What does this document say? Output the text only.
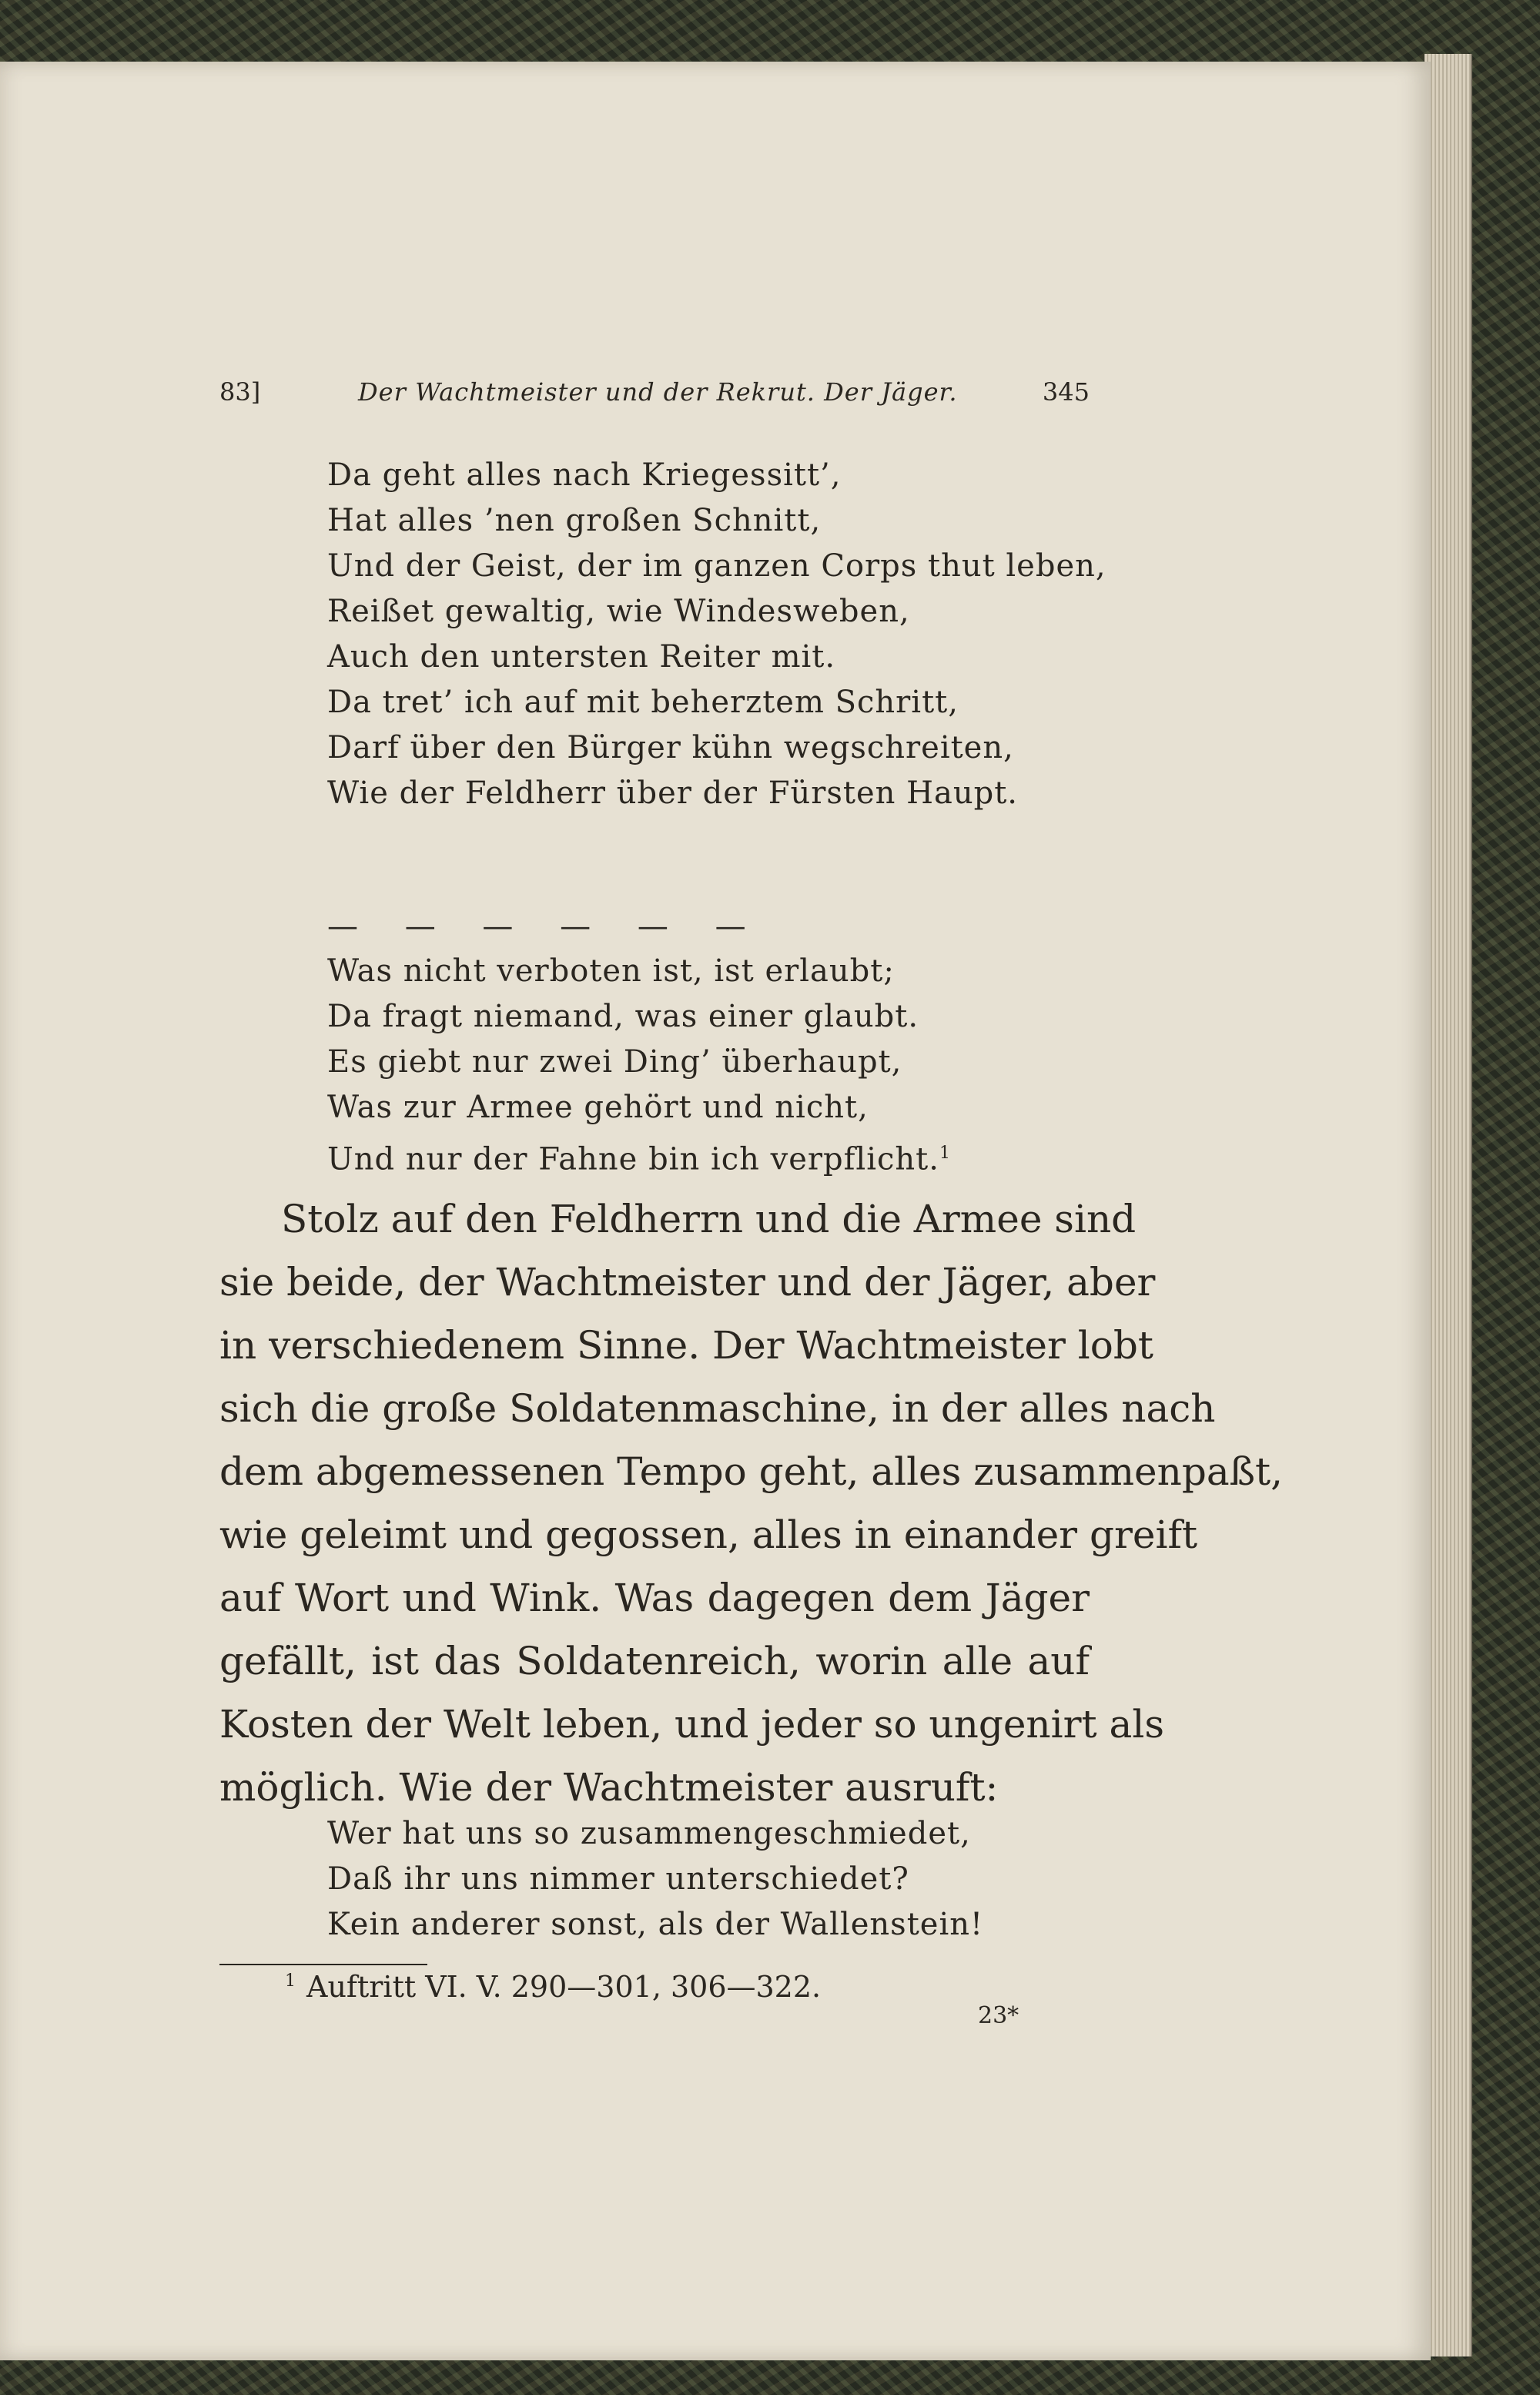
83]	Der Wachtmeister und der Rekrut. Der Jäger.	345
Da geht alles nach Kriegessitt’,
Hat alles ’nen großen Schnitt,
Und der Geist, der im ganzen Corps thut leben,
Reißet gewaltig, wie Windesweben,
Auch den untersten Reiter mit.
Da tret’ ich auf mit beherztem Schritt,
Darf über den Bürger kühn wegschreiten,
Wie der Feldherr über der Fürsten Haupt.
— — — — — —
Was nicht verboten ist, ist erlaubt;
Da fragt niemand, was einer glaubt.
Es giebt nur zwei Ding’ überhaupt,
Was zur Armee gehört und nicht,
Und nur der Fahne bin ich verpflicht.$^1$
Stolz auf den Feldherrn und die Armee sind
sie beide, der Wachtmeister und der Jäger, aber
in verschiedenem Sinne. Der Wachtmeister lobt
sich die große Soldatenmaschine, in der alles nach
dem abgemessenen Tempo geht, alles zusammenpaßt,
wie geleimt und gegossen, alles in einander greift
auf Wort und Wink. Was dagegen dem Jäger
gefällt, ist das Soldatenreich, worin alle auf
Kosten der Welt leben, und jeder so ungenirt als
möglich. Wie der Wachtmeister ausruft:
Wer hat uns so zusammengeschmiedet,
Daß ihr uns nimmer unterschiedet?
Kein anderer sonst, als der Wallenstein!
$^1$ Auftritt VI. V. 290—301, 306—322.
23*
